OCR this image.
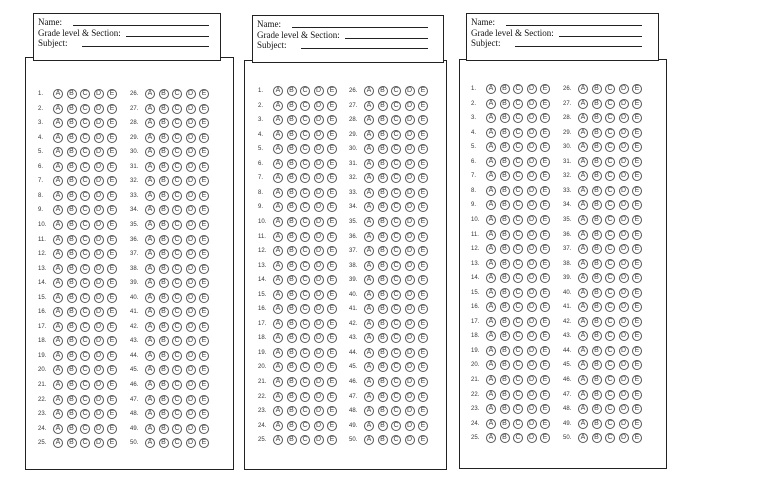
Name:
Grade level & Section:
Subject:
1.	A	B	C	D	E
2.	A	B	C	D	E
3.	A	B	C	D	E
4.	A	B	C	D	E
5.	A	B	C	D	E
6.	A	B	C	D	E
7.	A	B	C	D	E
8.	A	B	C	D	E
9.	A	B	C	D	E
10.	A	B	C	D	E
11.	A	B	C	D	E
12.	A	B	C	D	E
13.	A	B	C	D	E
14.	A	B	C	D	E
15.	A	B	C	D	E
16.	A	B	C	D	E
17.	A	B	C	D	E
18.	A	B	C	D	E
19.	A	B	C	D	E
20.	A	B	C	D	E
21.	A	B	C	D	E
22.	A	B	C	D	E
23.	A	B	C	D	E
24.	A	B	C	D	E
25.	A	B	C	D	E
26.	A	B	C	D	E
27.	A	B	C	D	E
28.	A	B	C	D	E
29.	A	B	C	D	E
30.	A	B	C	D	E
31.	A	B	C	D	E
32.	A	B	C	D	E
33.	A	B	C	D	E
34.	A	B	C	D	E
35.	A	B	C	D	E
36.	A	B	C	D	E
37.	A	B	C	D	E
38.	A	B	C	D	E
39.	A	B	C	D	E
40.	A	B	C	D	E
41.	A	B	C	D	E
42.	A	B	C	D	E
43.	A	B	C	D	E
44.	A	B	C	D	E
45.	A	B	C	D	E
46.	A	B	C	D	E
47.	A	B	C	D	E
48.	A	B	C	D	E
49.	A	B	C	D	E
50.	A	B	C	D	E
Name:
Grade level & Section:
Subject:
1.	A	B	C	D	E
2.	A	B	C	D	E
3.	A	B	C	D	E
4.	A	B	C	D	E
5.	A	B	C	D	E
6.	A	B	C	D	E
7.	A	B	C	D	E
8.	A	B	C	D	E
9.	A	B	C	D	E
10.	A	B	C	D	E
11.	A	B	C	D	E
12.	A	B	C	D	E
13.	A	B	C	D	E
14.	A	B	C	D	E
15.	A	B	C	D	E
16.	A	B	C	D	E
17.	A	B	C	D	E
18.	A	B	C	D	E
19.	A	B	C	D	E
20.	A	B	C	D	E
21.	A	B	C	D	E
22.	A	B	C	D	E
23.	A	B	C	D	E
24.	A	B	C	D	E
25.	A	B	C	D	E
26.	A	B	C	D	E
27.	A	B	C	D	E
28.	A	B	C	D	E
29.	A	B	C	D	E
30.	A	B	C	D	E
31.	A	B	C	D	E
32.	A	B	C	D	E
33.	A	B	C	D	E
34.	A	B	C	D	E
35.	A	B	C	D	E
36.	A	B	C	D	E
37.	A	B	C	D	E
38.	A	B	C	D	E
39.	A	B	C	D	E
40.	A	B	C	D	E
41.	A	B	C	D	E
42.	A	B	C	D	E
43.	A	B	C	D	E
44.	A	B	C	D	E
45.	A	B	C	D	E
46.	A	B	C	D	E
47.	A	B	C	D	E
48.	A	B	C	D	E
49.	A	B	C	D	E
50.	A	B	C	D	E
Name:
Grade level & Section:
Subject:
1.	A	B	C	D	E
2.	A	B	C	D	E
3.	A	B	C	D	E
4.	A	B	C	D	E
5.	A	B	C	D	E
6.	A	B	C	D	E
7.	A	B	C	D	E
8.	A	B	C	D	E
9.	A	B	C	D	E
10.	A	B	C	D	E
11.	A	B	C	D	E
12.	A	B	C	D	E
13.	A	B	C	D	E
14.	A	B	C	D	E
15.	A	B	C	D	E
16.	A	B	C	D	E
17.	A	B	C	D	E
18.	A	B	C	D	E
19.	A	B	C	D	E
20.	A	B	C	D	E
21.	A	B	C	D	E
22.	A	B	C	D	E
23.	A	B	C	D	E
24.	A	B	C	D	E
25.	A	B	C	D	E
26.	A	B	C	D	E
27.	A	B	C	D	E
28.	A	B	C	D	E
29.	A	B	C	D	E
30.	A	B	C	D	E
31.	A	B	C	D	E
32.	A	B	C	D	E
33.	A	B	C	D	E
34.	A	B	C	D	E
35.	A	B	C	D	E
36.	A	B	C	D	E
37.	A	B	C	D	E
38.	A	B	C	D	E
39.	A	B	C	D	E
40.	A	B	C	D	E
41.	A	B	C	D	E
42.	A	B	C	D	E
43.	A	B	C	D	E
44.	A	B	C	D	E
45.	A	B	C	D	E
46.	A	B	C	D	E
47.	A	B	C	D	E
48.	A	B	C	D	E
49.	A	B	C	D	E
50.	A	B	C	D	E
